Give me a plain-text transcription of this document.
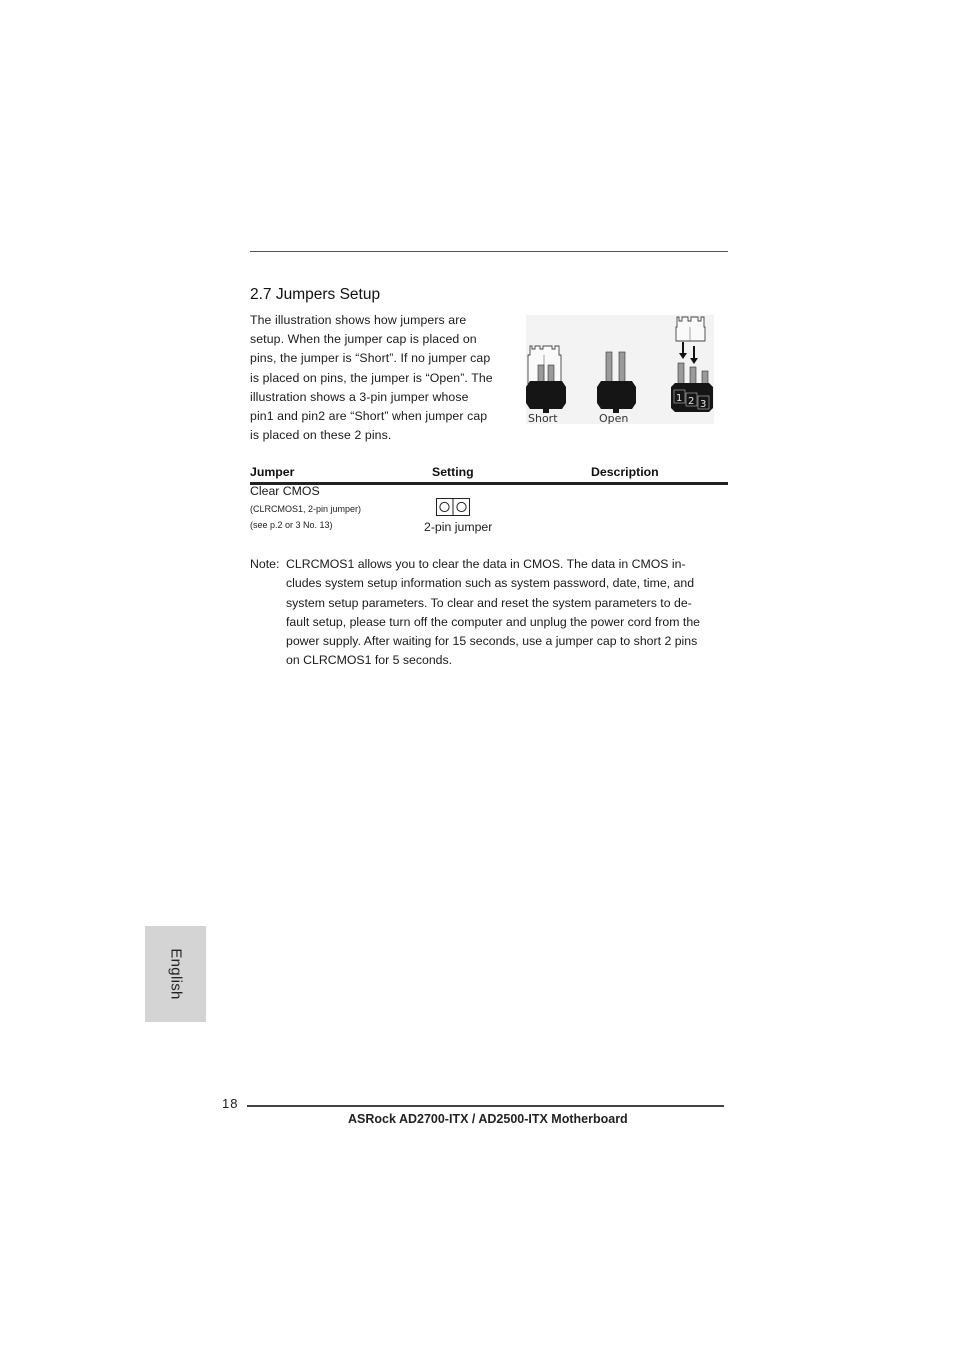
2.7 Jumpers Setup
The illustration shows how jumpers are
setup. When the jumper cap is placed on
pins, the jumper is “Short”. If no jumper cap
is placed on pins, the jumper is “Open”. The
illustration shows a 3-pin jumper whose
pin1 and pin2 are “Short” when jumper cap
is placed on these 2 pins.
Short	Open
1 2 3
Jumper	Setting	Description
Clear CMOS
(CLRCMOS1, 2-pin jumper)
(see p.2 or 3 No. 13)	2-pin jumper
Note: CLRCMOS1 allows you to clear the data in CMOS. The data in CMOS in-
cludes system setup information such as system password, date, time, and
system setup parameters. To clear and reset the system parameters to de-
fault setup, please turn off the computer and unplug the power cord from the
power supply. After waiting for 15 seconds, use a jumper cap to short 2 pins
on CLRCMOS1 for 5 seconds.
English
18
ASRock AD2700-ITX / AD2500-ITX Motherboard
